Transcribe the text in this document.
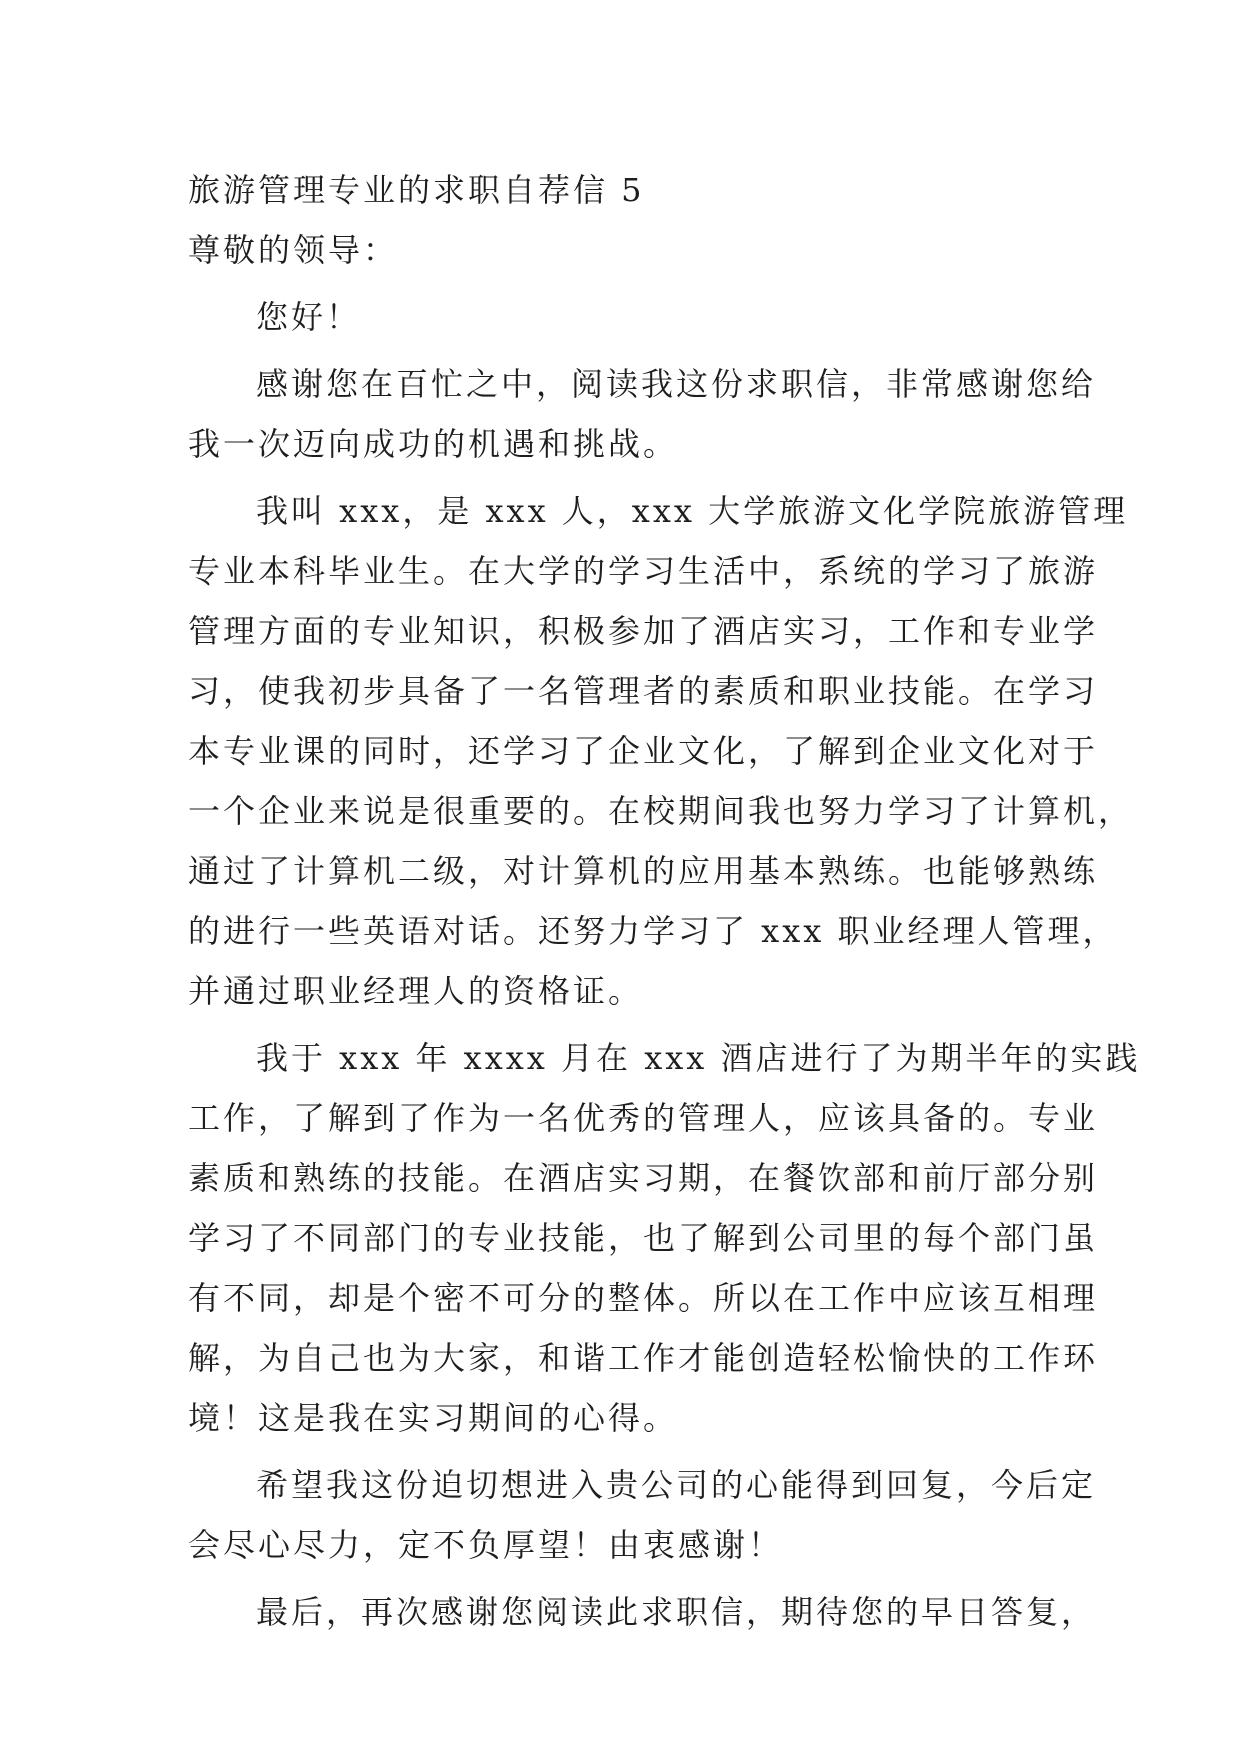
旅游管理专业的求职自荐信 5
尊敬的领导：
您好！
感谢您在百忙之中，阅读我这份求职信，非常感谢您给
我一次迈向成功的机遇和挑战。
我叫 xxx，是 xxx 人，xxx 大学旅游文化学院旅游管理
专业本科毕业生。在大学的学习生活中，系统的学习了旅游
管理方面的专业知识，积极参加了酒店实习，工作和专业学
习，使我初步具备了一名管理者的素质和职业技能。在学习
本专业课的同时，还学习了企业文化，了解到企业文化对于
一个企业来说是很重要的。在校期间我也努力学习了计算机，
通过了计算机二级，对计算机的应用基本熟练。也能够熟练
的进行一些英语对话。还努力学习了 xxx 职业经理人管理，
并通过职业经理人的资格证。
我于 xxx 年 xxxx 月在 xxx 酒店进行了为期半年的实践
工作，了解到了作为一名优秀的管理人，应该具备的。专业
素质和熟练的技能。在酒店实习期，在餐饮部和前厅部分别
学习了不同部门的专业技能，也了解到公司里的每个部门虽
有不同，却是个密不可分的整体。所以在工作中应该互相理
解，为自己也为大家，和谐工作才能创造轻松愉快的工作环
境！这是我在实习期间的心得。
希望我这份迫切想进入贵公司的心能得到回复，今后定
会尽心尽力，定不负厚望！由衷感谢！
最后，再次感谢您阅读此求职信，期待您的早日答复，
